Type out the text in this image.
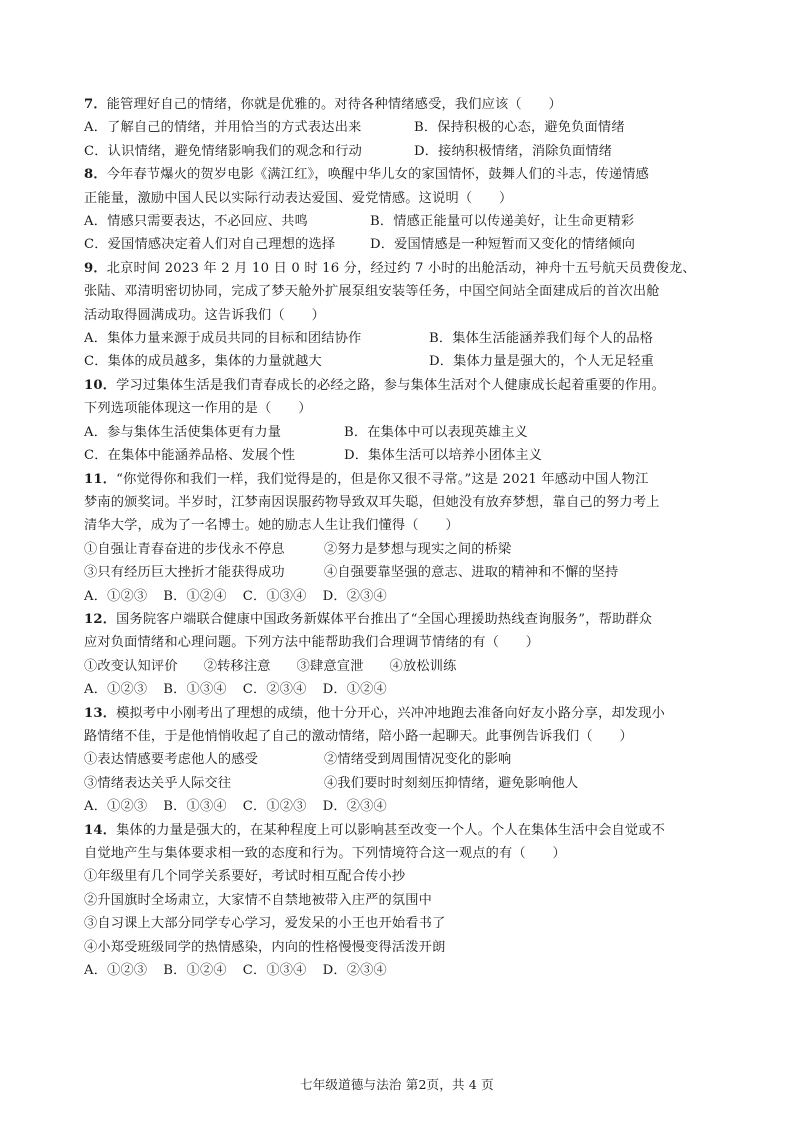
7．能管理好自己的情绪，你就是优雅的。对待各种情绪感受，我们应该（　　）
A．了解自己的情绪，并用恰当的方式表达出来	B．保持积极的心态，避免负面情绪
C．认识情绪，避免情绪影响我们的观念和行动	D．接纳积极情绪，消除负面情绪
8．今年春节爆火的贺岁电影《满江红》，唤醒中华儿女的家国情怀，鼓舞人们的斗志，传递情感
正能量，激励中国人民以实际行动表达爱国、爱党情感。这说明（　　）
A．情感只需要表达，不必回应、共鸣	B．情感正能量可以传递美好，让生命更精彩
C．爱国情感决定着人们对自己理想的选择	D．爱国情感是一种短暂而又变化的情绪倾向
9．北京时间 2023 年 2 月 10 日 0 时 16 分，经过约 7 小时的出舱活动，神舟十五号航天员费俊龙、
张陆、邓清明密切协同，完成了梦天舱外扩展泵组安装等任务，中国空间站全面建成后的首次出舱
活动取得圆满成功。这告诉我们（　　）
A．集体力量来源于成员共同的目标和团结协作	B．集体生活能涵养我们每个人的品格
C．集体的成员越多，集体的力量就越大	D．集体力量是强大的，个人无足轻重
10．学习过集体生活是我们青春成长的必经之路，参与集体生活对个人健康成长起着重要的作用。
下列选项能体现这一作用的是（　　）
A．参与集体生活使集体更有力量	B．在集体中可以表现英雄主义
C．在集体中能涵养品格、发展个性	D．集体生活可以培养小团体主义
11．“你觉得你和我们一样，我们觉得是的，但是你又很不寻常。”这是 2021 年感动中国人物江
梦南的颁奖词。半岁时，江梦南因误服药物导致双耳失聪，但她没有放弃梦想，靠自己的努力考上
清华大学，成为了一名博士。她的励志人生让我们懂得（　　）
①自强让青春奋进的步伐永不停息	②努力是梦想与现实之间的桥梁
③只有经历巨大挫折才能获得成功	④自强要靠坚强的意志、进取的精神和不懈的坚持
A．①②③ B．①②④ C．①③④ D．②③④
12．国务院客户端联合健康中国政务新媒体平台推出了“全国心理援助热线查询服务”，帮助群众
应对负面情绪和心理问题。下列方法中能帮助我们合理调节情绪的有（　　）
①改变认知评价 ②转移注意 ③肆意宣泄 ④放松训练
A．①②③ B．①③④ C．②③④ D．①②④
13．模拟考中小刚考出了理想的成绩，他十分开心，兴冲冲地跑去准备向好友小路分享，却发现小
路情绪不佳，于是他悄悄收起了自己的激动情绪，陪小路一起聊天。此事例告诉我们（　　）
①表达情感要考虑他人的感受	②情绪受到周围情况变化的影响
③情绪表达关乎人际交往	④我们要时时刻刻压抑情绪，避免影响他人
A．①②③ B．①③④ C．①②③ D．②③④
14．集体的力量是强大的，在某种程度上可以影响甚至改变一个人。个人在集体生活中会自觉或不
自觉地产生与集体要求相一致的态度和行为。下列情境符合这一观点的有（　　）
①年级里有几个同学关系要好，考试时相互配合传小抄
②升国旗时全场肃立，大家情不自禁地被带入庄严的氛围中
③自习课上大部分同学专心学习，爱发呆的小王也开始看书了
④小郑受班级同学的热情感染，内向的性格慢慢变得活泼开朗
A．①②③ B．①②④ C．①③④ D．②③④
七年级道德与法治 第2页，共 4 页
